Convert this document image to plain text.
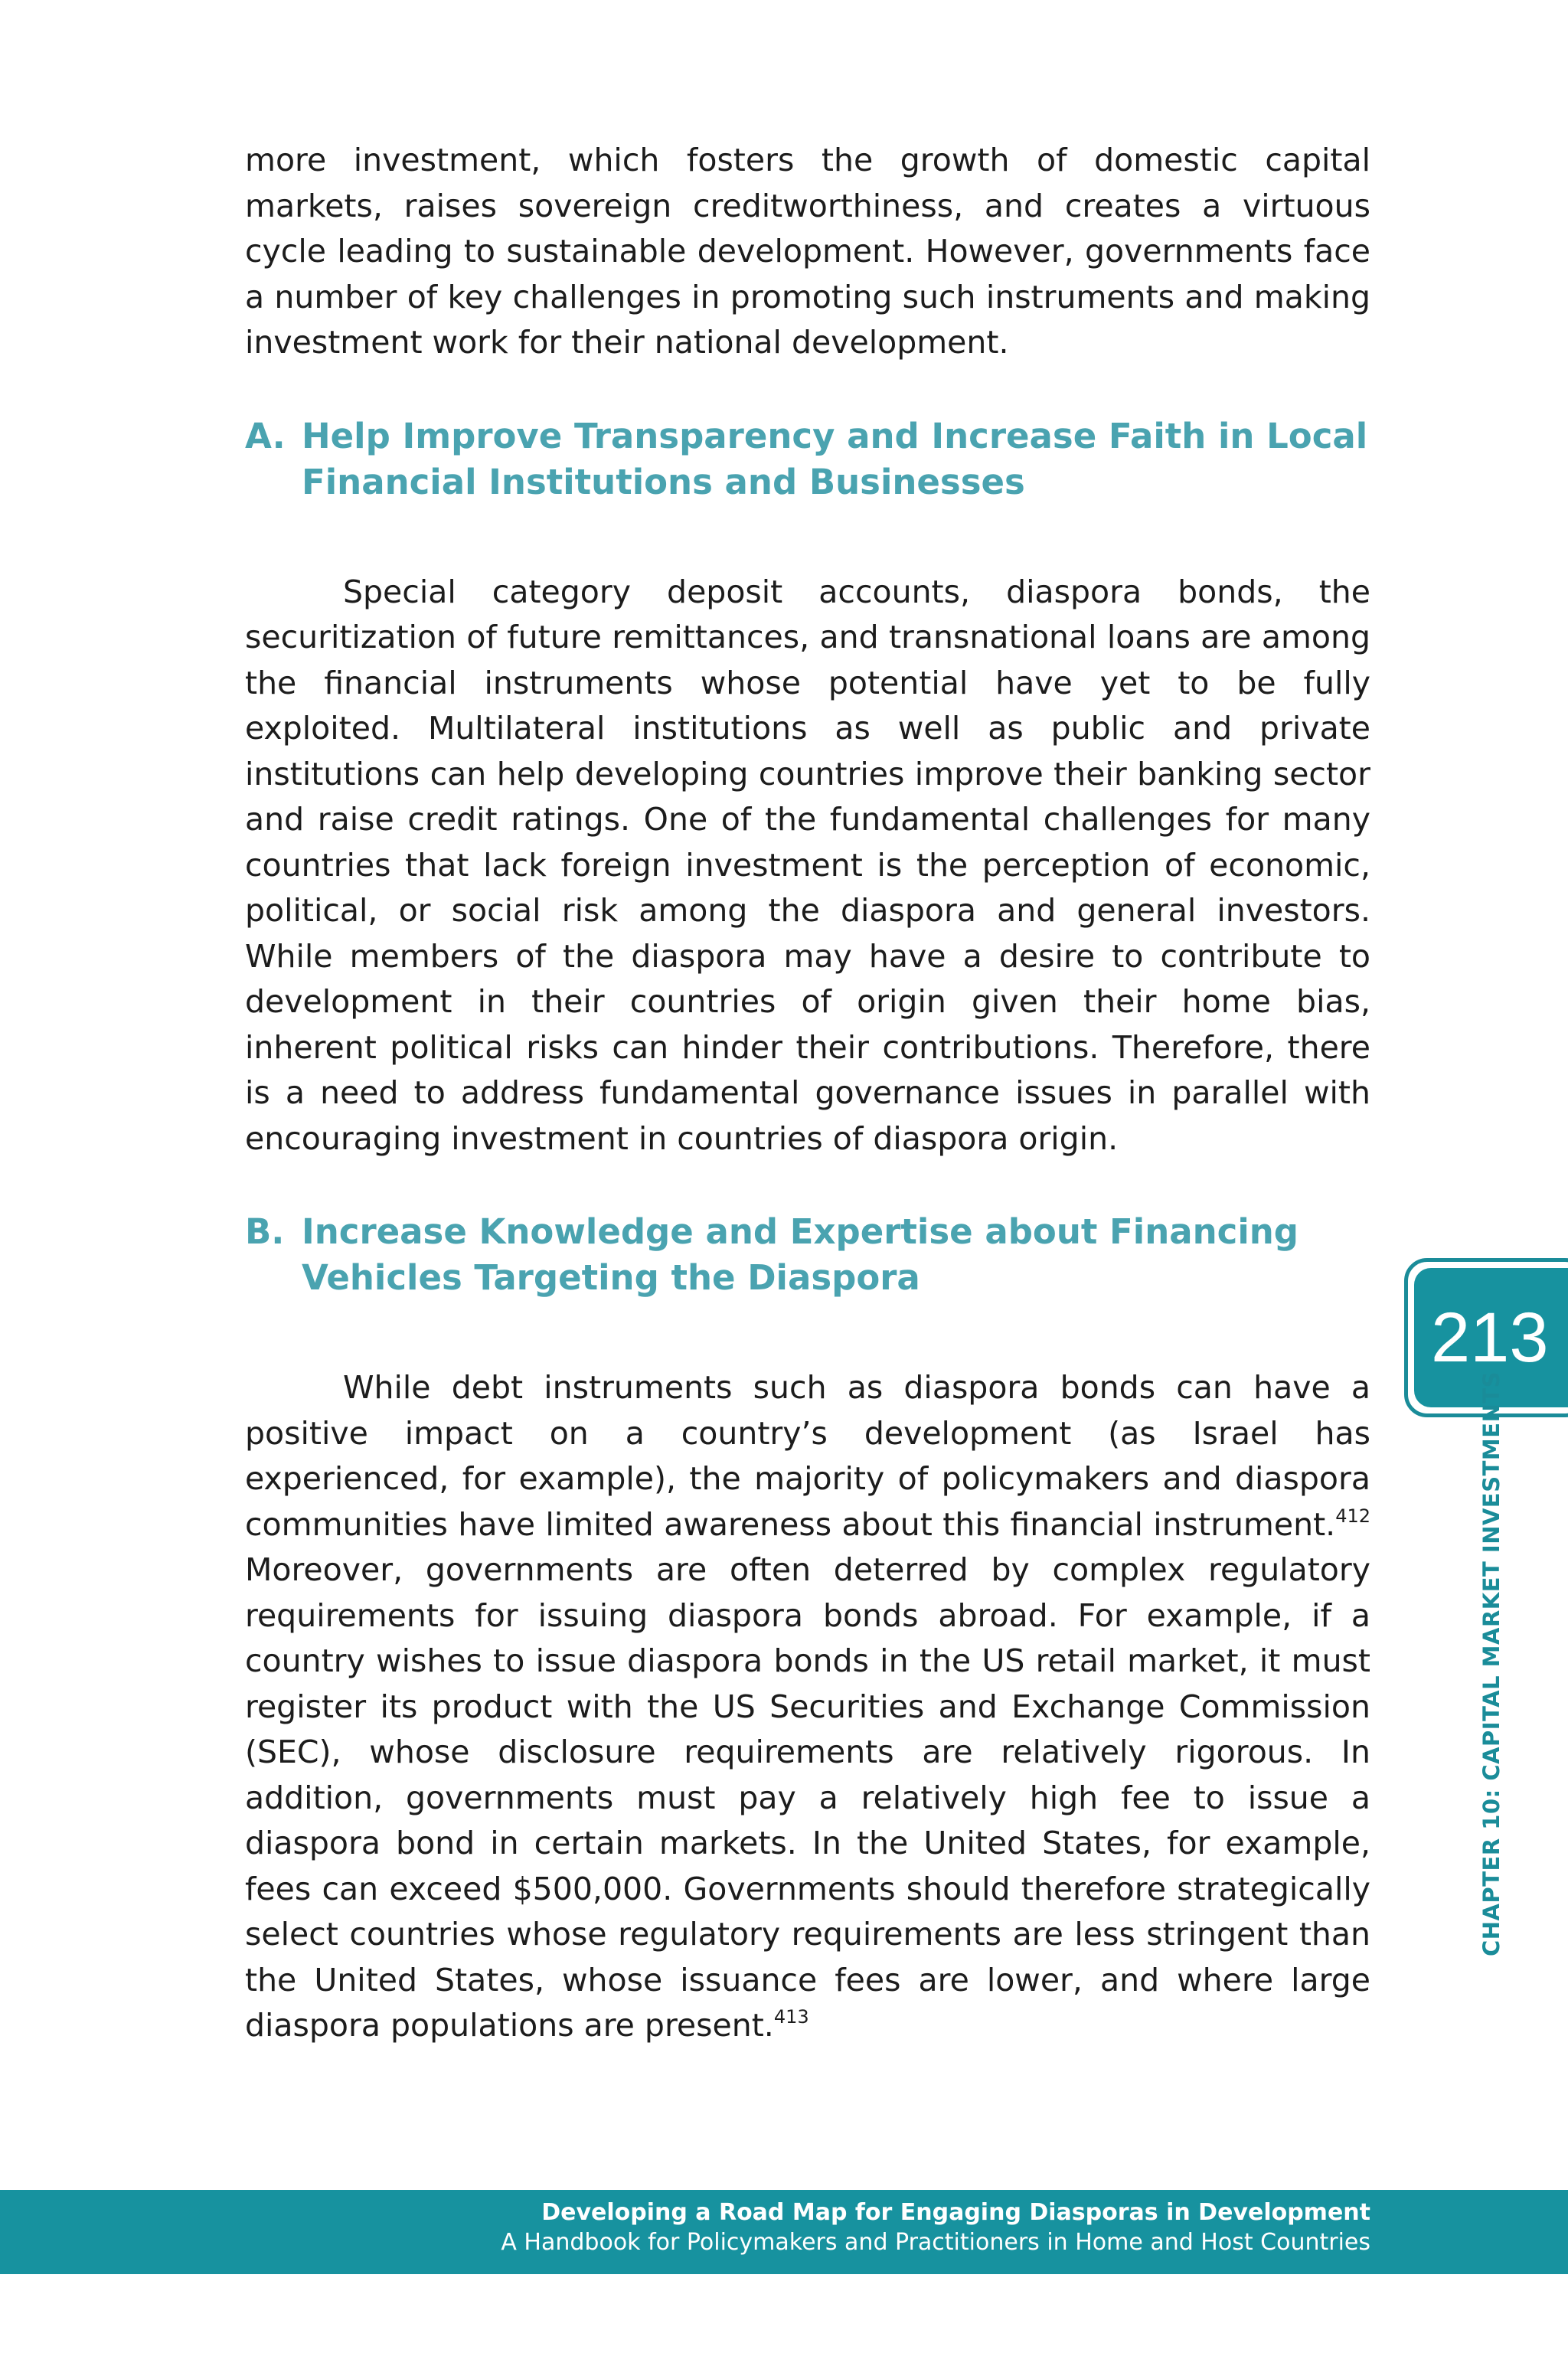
more investment, which fosters the growth of domestic capital markets, raises sovereign creditworthiness, and creates a virtuous cycle leading to sustainable development. However, governments face a number of key challenges in promoting such instruments and making investment work for their national development.

A. Help Improve Transparency and Increase Faith in Local Financial Institutions and Businesses

Special category deposit accounts, diaspora bonds, the securitization of future remittances, and transnational loans are among the financial instruments whose potential have yet to be fully exploited. Multilateral institutions as well as public and private institutions can help developing countries improve their banking sector and raise credit ratings. One of the fundamental challenges for many countries that lack foreign investment is the perception of economic, political, or social risk among the diaspora and general investors. While members of the diaspora may have a desire to contribute to development in their countries of origin given their home bias, inherent political risks can hinder their contributions. Therefore, there is a need to address fundamental governance issues in parallel with encouraging investment in countries of diaspora origin.

B. Increase Knowledge and Expertise about Financing Vehicles Targeting the Diaspora

While debt instruments such as diaspora bonds can have a positive impact on a country’s development (as Israel has experienced, for example), the majority of policymakers and diaspora communities have limited awareness about this financial instrument.$^{412}$ Moreover, governments are often deterred by complex regulatory requirements for issuing diaspora bonds abroad. For example, if a country wishes to issue diaspora bonds in the US retail market, it must register its product with the US Securities and Exchange Commission (SEC), whose disclosure requirements are relatively rigorous. In addition, governments must pay a relatively high fee to issue a diaspora bond in certain markets. In the United States, for example, fees can exceed $500,000. Governments should therefore strategically select countries whose regulatory requirements are less stringent than the United States, whose issuance fees are lower, and where large diaspora populations are present.$^{413}$

213
CHAPTER 10: CAPITAL MARKET INVESTMENTS
Developing a Road Map for Engaging Diasporas in Development
A Handbook for Policymakers and Practitioners in Home and Host Countries
